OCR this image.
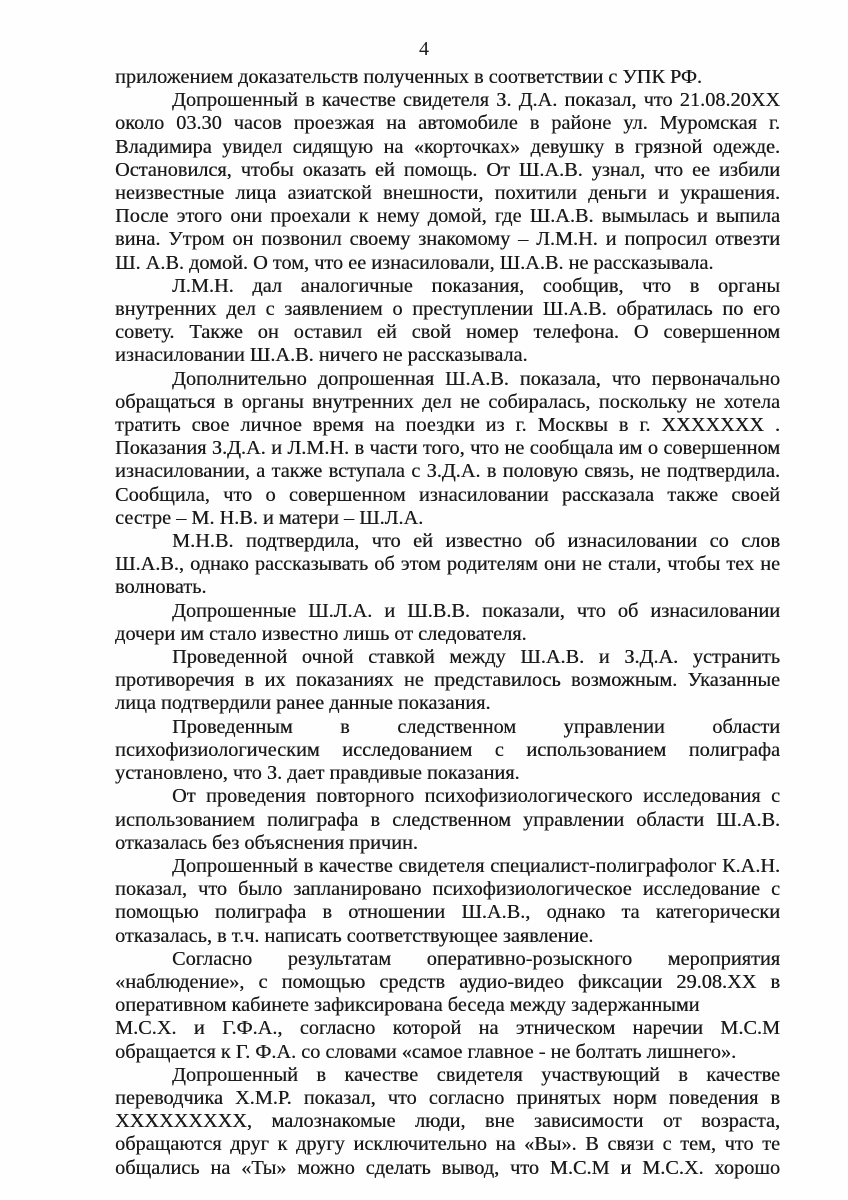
4

приложением доказательств полученных в соответствии с УПК РФ.

Допрошенный в качестве свидетеля З. Д.А. показал, что 21.08.20ХХ около 03.30 часов проезжая на автомобиле в районе ул. Муромская г. Владимира увидел сидящую на «корточках» девушку в грязной одежде. Остановился, чтобы оказать ей помощь. От Ш.А.В. узнал, что ее избили неизвестные лица азиатской внешности, похитили деньги и украшения. После этого они проехали к нему домой, где Ш.А.В. вымылась и выпила вина. Утром он позвонил своему знакомому – Л.М.Н. и попросил отвезти Ш. А.В. домой. О том, что ее изнасиловали, Ш.А.В. не рассказывала.

Л.М.Н. дал аналогичные показания, сообщив, что в органы внутренних дел с заявлением о преступлении Ш.А.В. обратилась по его совету. Также он оставил ей свой номер телефона. О совершенном изнасиловании Ш.А.В. ничего не рассказывала.

Дополнительно допрошенная Ш.А.В. показала, что первоначально обращаться в органы внутренних дел не собиралась, поскольку не хотела тратить свое личное время на поездки из г. Москвы в г. ХХХХХХХ . Показания З.Д.А. и Л.М.Н. в части того, что не сообщала им о совершенном изнасиловании, а также вступала с З.Д.А. в половую связь, не подтвердила. Сообщила, что о совершенном изнасиловании рассказала также своей сестре – М. Н.В. и матери – Ш.Л.А.

М.Н.В. подтвердила, что ей известно об изнасиловании со слов Ш.А.В., однако рассказывать об этом родителям они не стали, чтобы тех не волновать.

Допрошенные Ш.Л.А. и Ш.В.В. показали, что об изнасиловании дочери им стало известно лишь от следователя.

Проведенной очной ставкой между Ш.А.В. и З.Д.А. устранить противоречия в их показаниях не представилось возможным. Указанные лица подтвердили ранее данные показания.

Проведенным в следственном управлении области психофизиологическим исследованием с использованием полиграфа установлено, что З. дает правдивые показания.

От проведения повторного психофизиологического исследования с использованием полиграфа в следственном управлении области Ш.А.В. отказалась без объяснения причин.

Допрошенный в качестве свидетеля специалист-полиграфолог К.А.Н. показал, что было запланировано психофизиологическое исследование с помощью полиграфа в отношении Ш.А.В., однако та категорически отказалась, в т.ч. написать соответствующее заявление.

Согласно результатам оперативно-розыскного мероприятия «наблюдение», с помощью средств аудио-видео фиксации 29.08.ХХ в оперативном кабинете зафиксирована беседа между задержанными

М.С.Х. и Г.Ф.А., согласно которой на этническом наречии М.С.М обращается к Г. Ф.А. со словами «самое главное - не болтать лишнего».

Допрошенный в качестве свидетеля участвующий в качестве переводчика Х.М.Р. показал, что согласно принятых норм поведения в ХХХХХХХХХ, малознакомые люди, вне зависимости от возраста, обращаются друг к другу исключительно на «Вы». В связи с тем, что те общались на «Ты» можно сделать вывод, что М.С.М и М.С.Х. хорошо
